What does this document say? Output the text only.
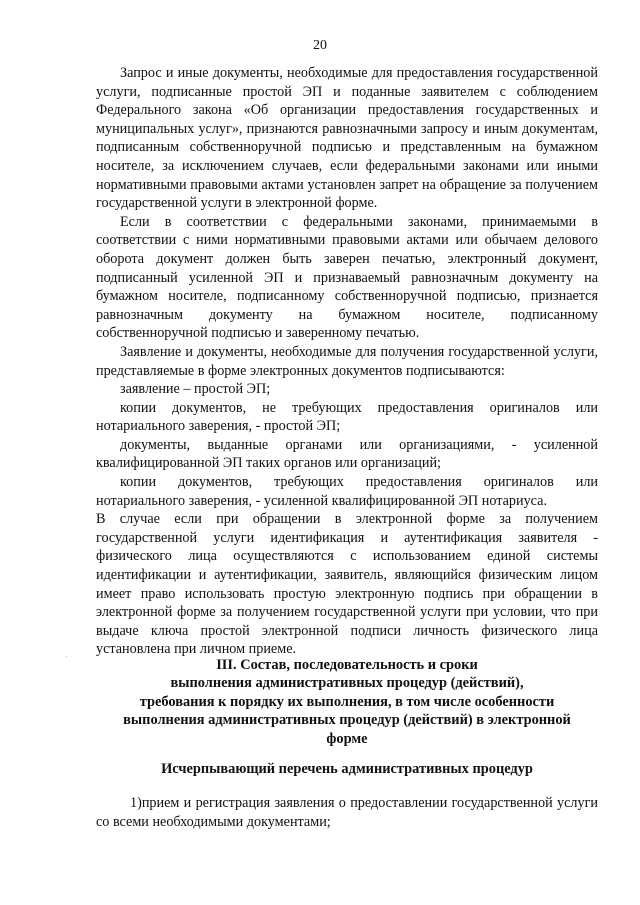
20

Запрос и иные документы, необходимые для предоставления государственной услуги, подписанные простой ЭП и поданные заявителем с соблюдением Федерального закона «Об организации предоставления государственных и муниципальных услуг», признаются равнозначными запросу и иным документам, подписанным собственноручной подписью и представленным на бумажном носителе, за исключением случаев, если федеральными законами или иными нормативными правовыми актами установлен запрет на обращение за получением государственной услуги в электронной форме.

Если в соответствии с федеральными законами, принимаемыми в соответствии с ними нормативными правовыми актами или обычаем делового оборота документ должен быть заверен печатью, электронный документ, подписанный усиленной ЭП и признаваемый равнозначным документу на бумажном носителе, подписанному собственноручной подписью, признается равнозначным документу на бумажном носителе, подписанному собственноручной подписью и заверенному печатью.

Заявление и документы, необходимые для получения государственной услуги, представляемые в форме электронных документов подписываются:

заявление – простой ЭП;

копии документов, не требующих предоставления оригиналов или нотариального заверения, - простой ЭП;

документы, выданные органами или организациями, - усиленной квалифицированной ЭП таких органов или организаций;

копии документов, требующих предоставления оригиналов или нотариального заверения, - усиленной квалифицированной ЭП нотариуса.

В случае если при обращении в электронной форме за получением государственной услуги идентификация и аутентификация заявителя - физического лица осуществляются с использованием единой системы идентификации и аутентификации, заявитель, являющийся физическим лицом имеет право использовать простую электронную подпись при обращении в электронной форме за получением государственной услуги при условии, что при выдаче ключа простой электронной подписи личность физического лица установлена при личном приеме.

III. Состав, последовательность и сроки

выполнения административных процедур (действий),

требования к порядку их выполнения, в том числе особенности

выполнения административных процедур (действий) в электронной

форме

Исчерпывающий перечень административных процедур

1)прием и регистрация заявления о предоставлении государственной услуги со всеми необходимыми документами;
